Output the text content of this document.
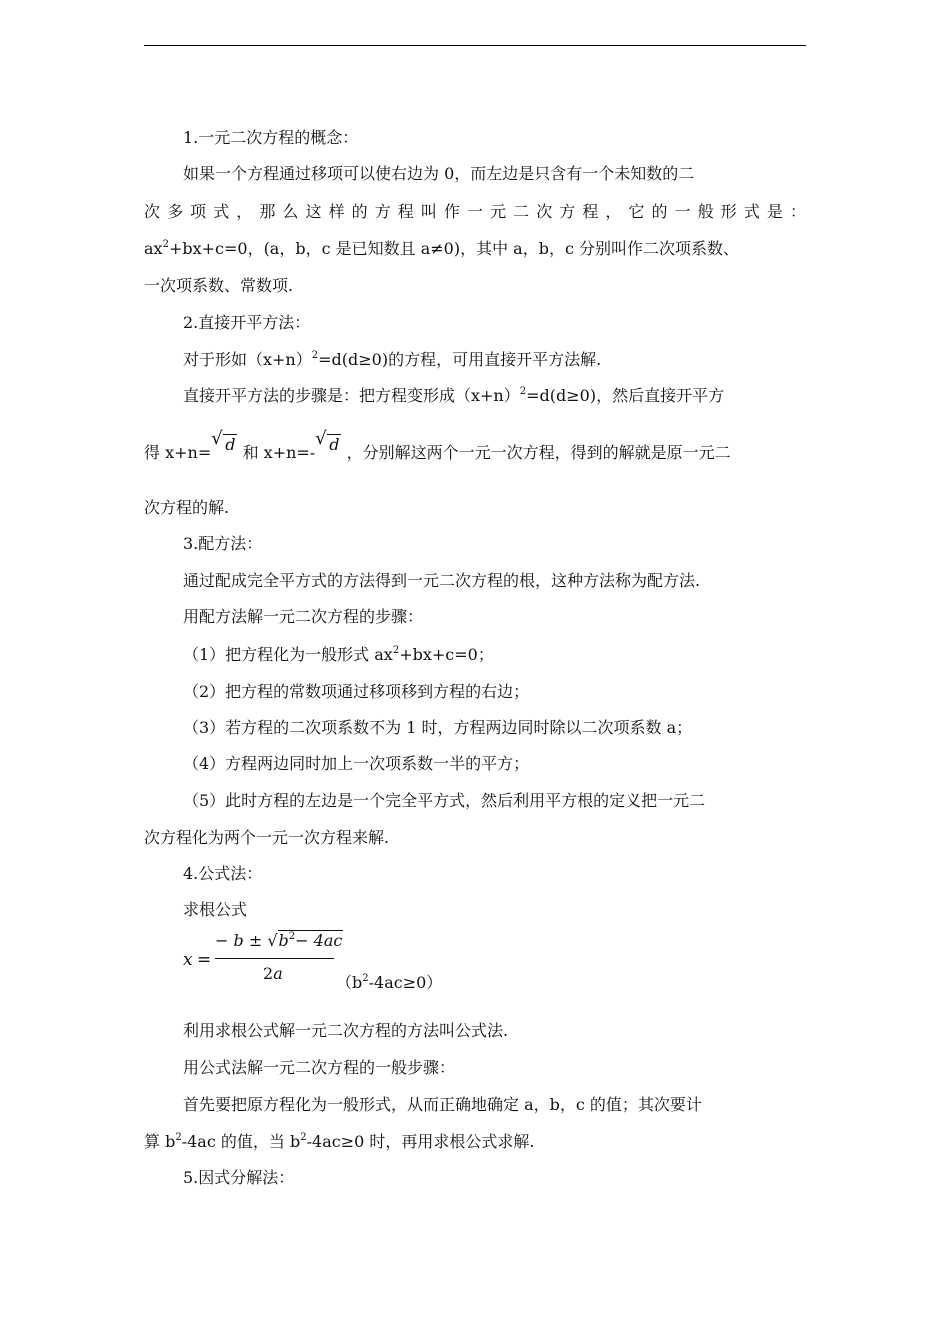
1.一元二次方程的概念：
如果一个方程通过移项可以使右边为 0，而左边是只含有一个未知数的二
次多项式，那么这样的方程叫作一元二次方程，它的一般形式是：
$ax^2+bx+c=0$，(a，b，c 是已知数且 a≠0)，其中 a，b，c 分别叫作二次项系数、
一次项系数、常数项.
2.直接开平方法：
对于形如$(x+n)^2=d(d\ge 0)$的方程，可用直接开平方法解.
直接开平方法的步骤是：把方程变形成$(x+n)^2=d(d\ge 0)$，然后直接开平方
得 x+n=
√ d 和 x+n=-
√ d ，分别解这两个一元一次方程，得到的解就是原一元二
次方程的解.
3.配方法：
通过配成完全平方式的方法得到一元二次方程的根，这种方法称为配方法.
用配方法解一元二次方程的步骤：
（1）把方程化为一般形式 $ax^2+bx+c=0$；
（2）把方程的常数项通过移项移到方程的右边；
（3）若方程的二次项系数不为 1 时，方程两边同时除以二次项系数 a；
（4）方程两边同时加上一次项系数一半的平方；
（5）此时方程的左边是一个完全平方式，然后利用平方根的定义把一元二
次方程化为两个一元一次方程来解.
4.公式法：
求根公式
x =
− $b \pm √b^2- 4ac$
2a	$(b^2-4ac\ge 0)$
利用求根公式解一元二次方程的方法叫公式法.
用公式法解一元二次方程的一般步骤：
首先要把原方程化为一般形式，从而正确地确定 a，b，c 的值；其次要计
算 $b^2-4ac$ 的值，当 $b^2-4ac\ge 0$ 时，再用求根公式求解.
5.因式分解法：
